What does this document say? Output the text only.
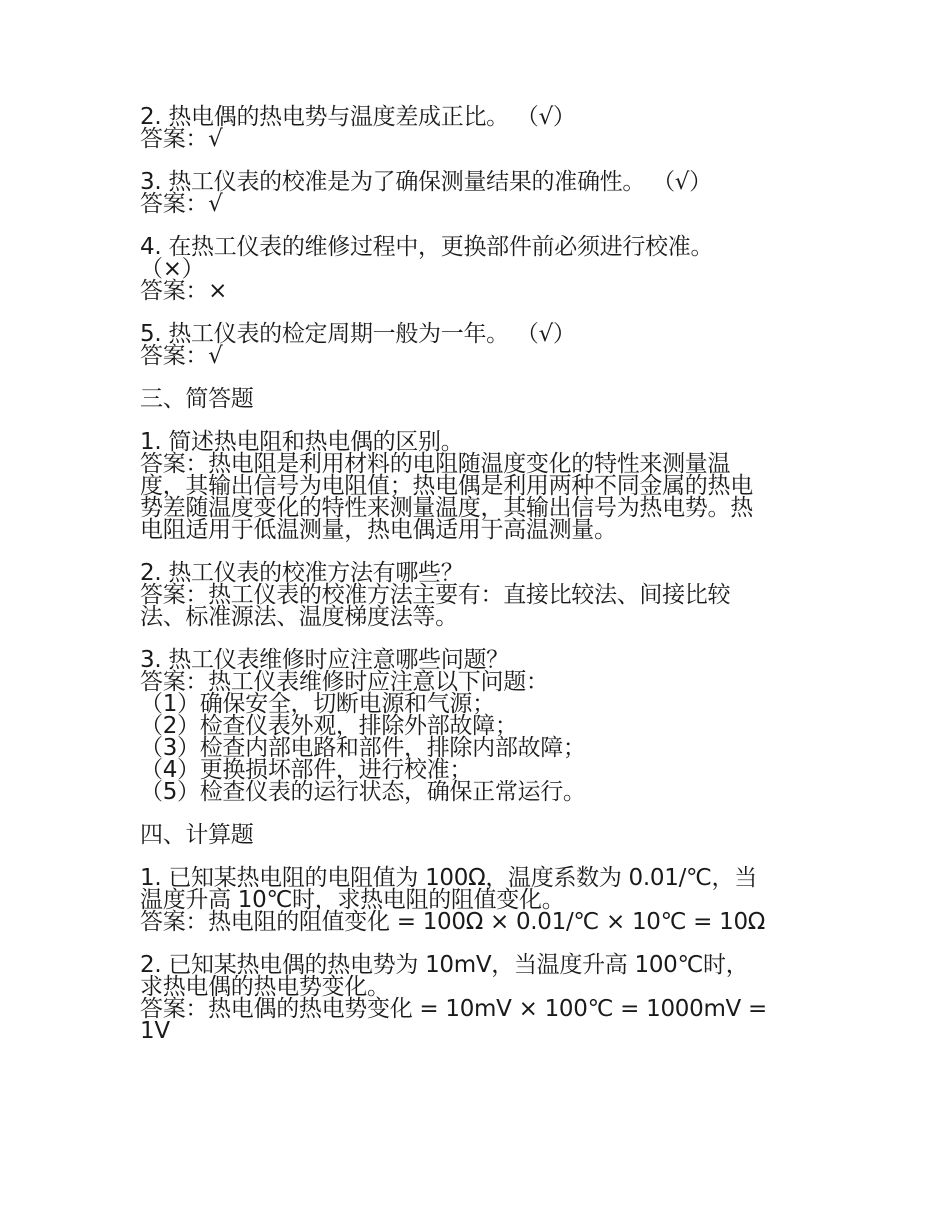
2. 热电偶的热电势与温度差成正比。 （√）
答案：√
3. 热工仪表的校准是为了确保测量结果的准确性。 （√）
答案：√
4. 在热工仪表的维修过程中，更换部件前必须进行校准。
（×）
答案：×
5. 热工仪表的检定周期一般为一年。 （√）
答案：√
三、简答题
1. 简述热电阻和热电偶的区别。
答案：热电阻是利用材料的电阻随温度变化的特性来测量温
度，其输出信号为电阻值；热电偶是利用两种不同金属的热电
势差随温度变化的特性来测量温度，其输出信号为热电势。热
电阻适用于低温测量，热电偶适用于高温测量。
2. 热工仪表的校准方法有哪些？
答案：热工仪表的校准方法主要有：直接比较法、间接比较
法、标准源法、温度梯度法等。
3. 热工仪表维修时应注意哪些问题？
答案：热工仪表维修时应注意以下问题：
（1）确保安全，切断电源和气源；
（2）检查仪表外观，排除外部故障；
（3）检查内部电路和部件，排除内部故障；
（4）更换损坏部件，进行校准；
（5）检查仪表的运行状态，确保正常运行。
四、计算题
1. 已知某热电阻的电阻值为 100Ω，温度系数为 0.01/℃，当
温度升高 10℃时，求热电阻的阻值变化。
答案：热电阻的阻值变化 = 100Ω × 0.01/℃ × 10℃ = 10Ω
2. 已知某热电偶的热电势为 10mV，当温度升高 100℃时，
求热电偶的热电势变化。
答案：热电偶的热电势变化 = 10mV × 100℃ = 1000mV =
1V
